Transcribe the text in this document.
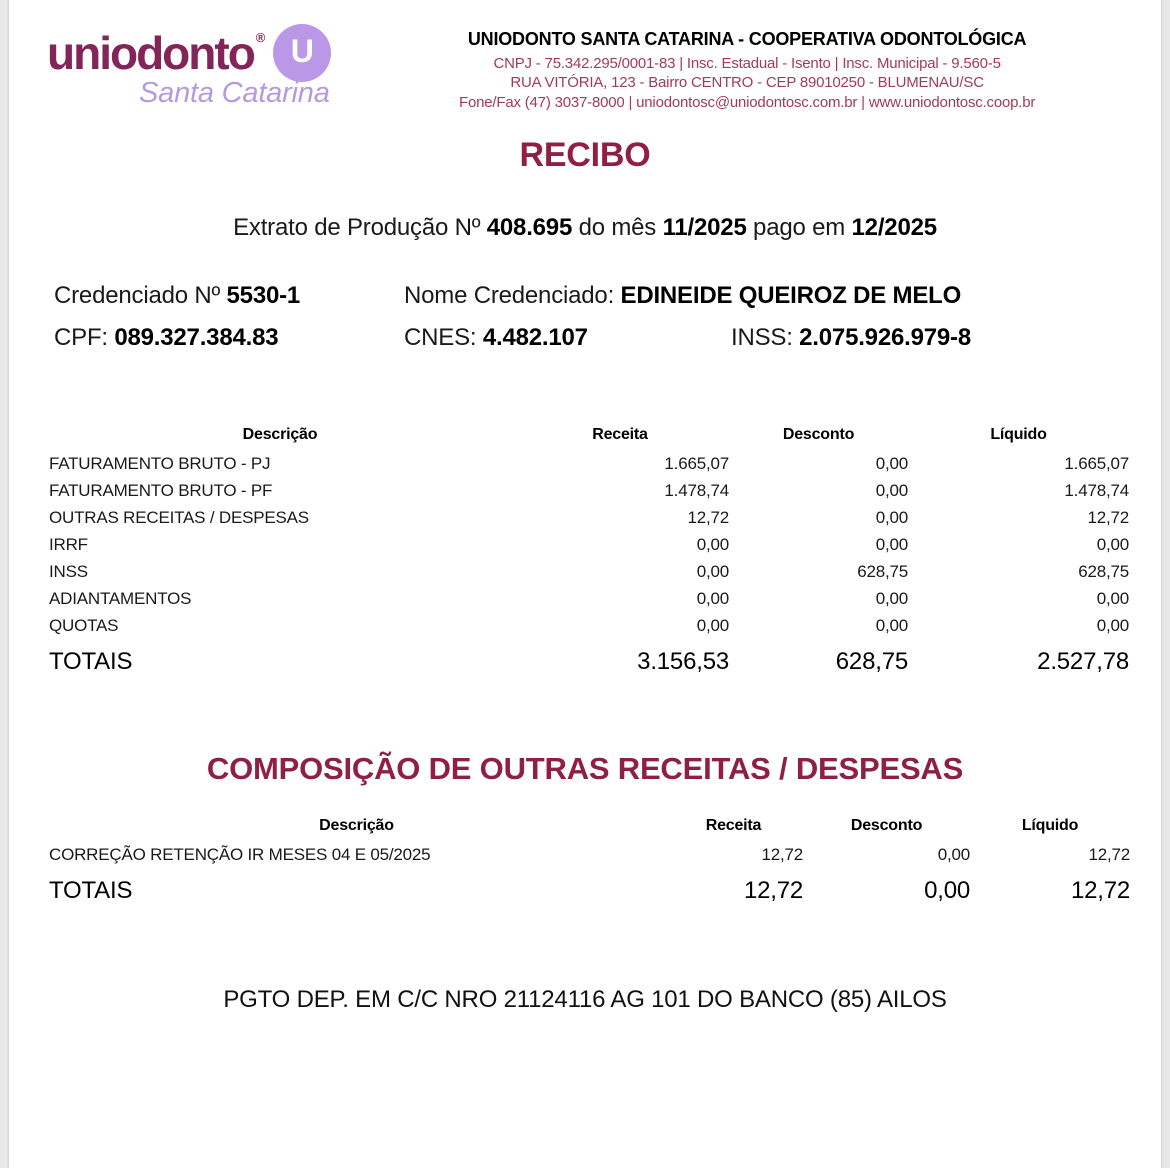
uniodonto ® U
Santa Catarina
UNIODONTO SANTA CATARINA - COOPERATIVA ODONTOLÓGICA
CNPJ - 75.342.295/0001-83 | Insc. Estadual - Isento | Insc. Municipal - 9.560-5
RUA VITÓRIA, 123 - Bairro CENTRO - CEP 89010250 - BLUMENAU/SC
Fone/Fax (47) 3037-8000 | uniodontosc@uniodontosc.com.br | www.uniodontosc.coop.br
RECIBO
Extrato de Produção Nº 408.695 do mês 11/2025 pago em 12/2025
Credenciado Nº 5530-1	Nome Credenciado: EDINEIDE QUEIROZ DE MELO
CPF: 089.327.384.83	CNES: 4.482.107	INSS: 2.075.926.979-8
Descrição	Receita	Desconto	Líquido
FATURAMENTO BRUTO - PJ	1.665,07	0,00	1.665,07
FATURAMENTO BRUTO - PF	1.478,74	0,00	1.478,74
OUTRAS RECEITAS / DESPESAS	12,72	0,00	12,72
IRRF	0,00	0,00	0,00
INSS	0,00	628,75	628,75
ADIANTAMENTOS	0,00	0,00	0,00
QUOTAS	0,00	0,00	0,00
TOTAIS	3.156,53	628,75	2.527,78
COMPOSIÇÃO DE OUTRAS RECEITAS / DESPESAS
Descrição	Receita	Desconto	Líquido
CORREÇÃO RETENÇÃO IR MESES 04 E 05/2025	12,72	0,00	12,72
TOTAIS	12,72	0,00	12,72
PGTO DEP. EM C/C NRO 21124116 AG 101 DO BANCO (85) AILOS
